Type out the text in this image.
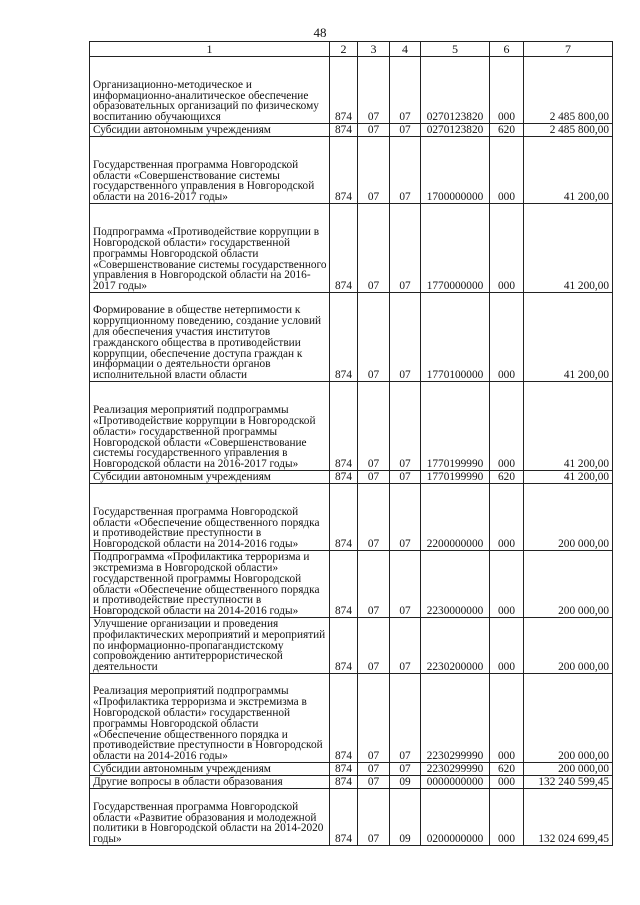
48
1	2	3	4	5	6	7
Организационно-методическое и информационно-аналитическое обеспечение образовательных организаций по физическому воспитанию обучающихся	874	07	07	0270123820	000	2 485 800,00
Субсидии автономным учреждениям	874	07	07	0270123820	620	2 485 800,00
Государственная программа Новгородской области «Совершенствование системы государственного управления в Новгородской области на 2016-2017 годы»	874	07	07	1700000000	000	41 200,00
Подпрограмма «Противодействие коррупции в Новгородской области» государственной программы Новгородской области «Совершенствование системы государственного управления в Новгородской области на 2016-2017 годы»	874	07	07	1770000000	000	41 200,00
Формирование в обществе нетерпимости к коррупционному поведению, создание условий для обеспечения участия институтов гражданского общества в противодействии коррупции, обеспечение доступа граждан к информации о деятельности органов исполнительной власти области	874	07	07	1770100000	000	41 200,00
Реализация мероприятий подпрограммы «Противодействие коррупции в Новгородской области» государственной программы Новгородской области «Совершенствование системы государственного управления в Новгородской области на 2016-2017 годы»	874	07	07	1770199990	000	41 200,00
Субсидии автономным учреждениям	874	07	07	1770199990	620	41 200,00
Государственная программа Новгородской области «Обеспечение общественного порядка и противодействие преступности в Новгородской области на 2014-2016 годы»	874	07	07	2200000000	000	200 000,00
Подпрограмма «Профилактика терроризма и экстремизма в Новгородской области» государственной программы Новгородской области «Обеспечение общественного порядка и противодействие преступности в Новгородской области на 2014-2016 годы»	874	07	07	2230000000	000	200 000,00
Улучшение организации и проведения профилактических мероприятий и мероприятий по информационно-пропагандистскому сопровождению антитеррористической деятельности	874	07	07	2230200000	000	200 000,00
Реализация мероприятий подпрограммы «Профилактика терроризма и экстремизма в Новгородской области» государственной программы Новгородской области «Обеспечение общественного порядка и противодействие преступности в Новгородской области на 2014-2016 годы»	874	07	07	2230299990	000	200 000,00
Субсидии автономным учреждениям	874	07	07	2230299990	620	200 000,00
Другие вопросы в области образования	874	07	09	0000000000	000	132 240 599,45
Государственная программа Новгородской области «Развитие образования и молодежной политики в Новгородской области на 2014-2020 годы»	874	07	09	0200000000	000	132 024 699,45
